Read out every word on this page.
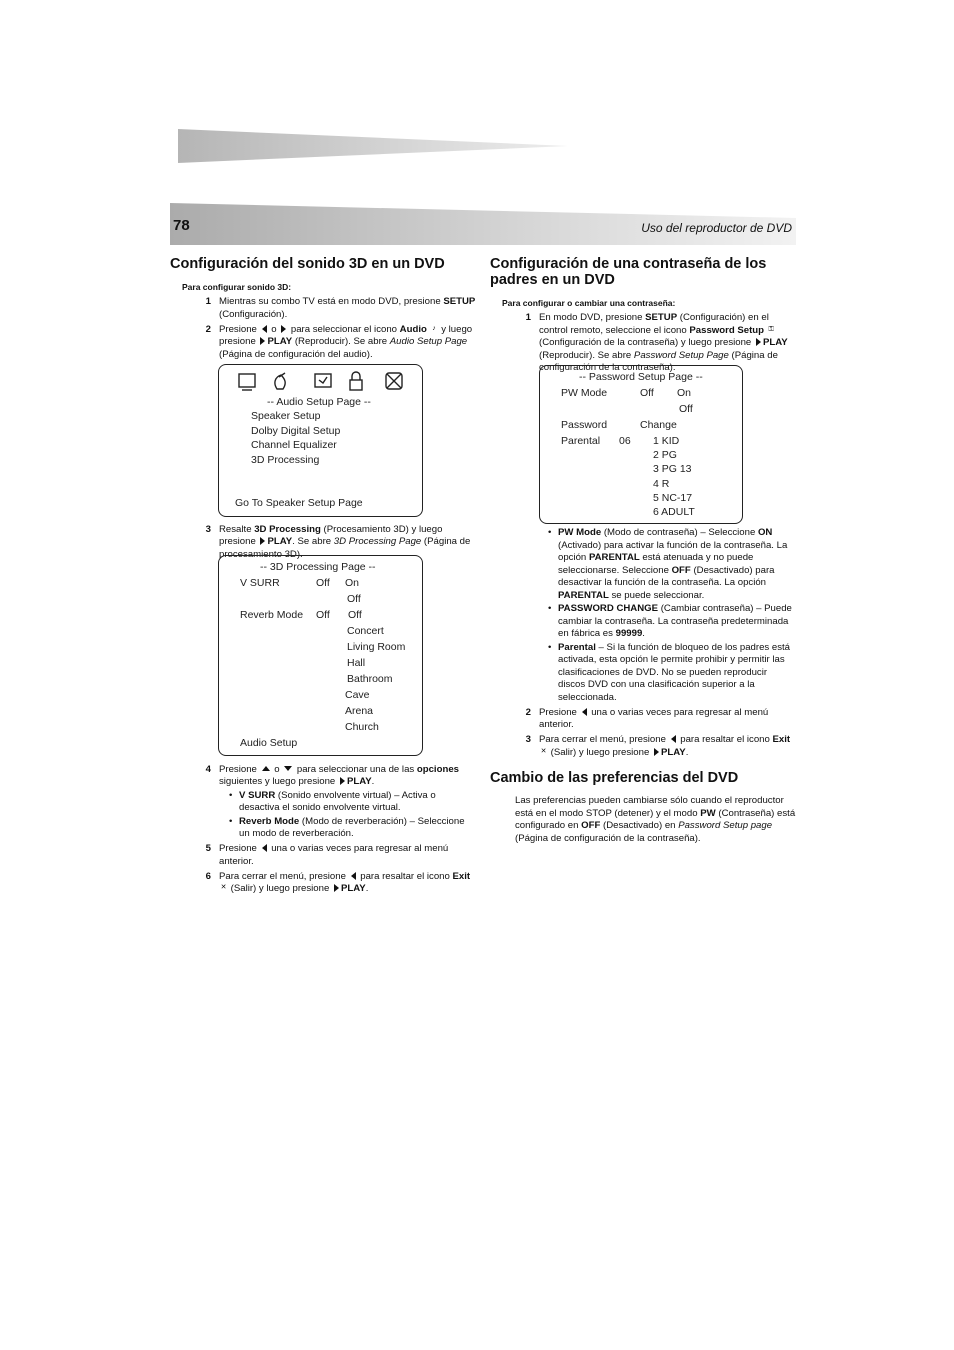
78	Uso del reproductor de DVD
Configuración del sonido 3D en un DVD
Para configurar sonido 3D:
1 Mientras su combo TV está en modo DVD, presione SETUP (Configuración).
2 Presione  o  para seleccionar el icono Audio ♪ y luego presione PLAY (Reproducir). Se abre Audio Setup Page (Página de configuración del audio).
-- Audio Setup Page --
Speaker Setup
Dolby Digital Setup
Channel Equalizer
3D Processing
Go To Speaker Setup Page
3 Resalte 3D Processing (Procesamiento 3D) y luego presione PLAY. Se abre 3D Processing Page (Página de procesamiento 3D).
-- 3D Processing Page --
V SURR	Off On
Off
Reverb Mode Off Off
Concert
Living Room
Hall
Bathroom
Cave
Arena
Church
Audio Setup
4 Presione  o  para seleccionar una de las opciones siguientes y luego presione PLAY.
• V SURR (Sonido envolvente virtual) – Activa o desactiva el sonido envolvente virtual.
• Reverb Mode (Modo de reverberación) – Seleccione un modo de reverberación.
5 Presione  una o varias veces para regresar al menú anterior.
6 Para cerrar el menú, presione  para resaltar el icono Exit ✕ (Salir) y luego presione PLAY.
Configuración de una contraseña de los padres en un DVD
Para configurar o cambiar una contraseña:
1 En modo DVD, presione SETUP (Configuración) en el control remoto, seleccione el icono Password Setup ⚿ (Configuración de la contraseña) y luego presione PLAY (Reproducir). Se abre Password Setup Page (Página de configuración de la contraseña).
-- Password Setup Page --
PW Mode	Off On
Off
Password	Change
Parental 06 1 KID
2 PG
3 PG 13
4 R
5 NC-17
6 ADULT
• PW Mode (Modo de contraseña) – Seleccione ON (Activado) para activar la función de la contraseña. La opción PARENTAL está atenuada y no puede seleccionarse. Seleccione OFF (Desactivado) para desactivar la función de la contraseña. La opción PARENTAL se puede seleccionar.
• PASSWORD CHANGE (Cambiar contraseña) – Puede cambiar la contraseña. La contraseña predeterminada en fábrica es 99999.
• Parental – Si la función de bloqueo de los padres está activada, esta opción le permite prohibir y permitir las clasificaciones de DVD. No se pueden reproducir discos DVD con una clasificación superior a la seleccionada.
2 Presione  una o varias veces para regresar al menú anterior.
3 Para cerrar el menú, presione  para resaltar el icono Exit ✕ (Salir) y luego presione PLAY.
Cambio de las preferencias del DVD
Las preferencias pueden cambiarse sólo cuando el reproductor está en el modo STOP (detener) y el modo PW (Contraseña) está configurado en OFF (Desactivado) en Password Setup page (Página de configuración de la contraseña).
